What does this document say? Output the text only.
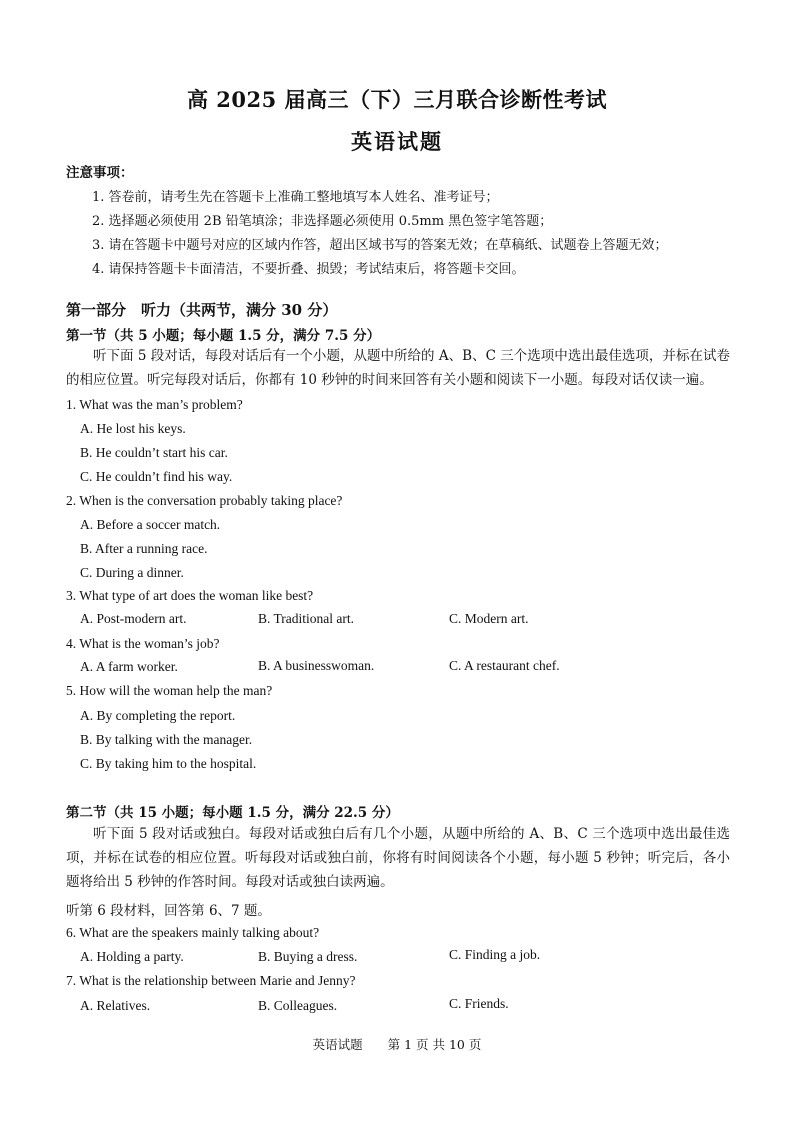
高 2025 届高三（下）三月联合诊断性考试
英语试题
注意事项：
1. 答卷前，请考生先在答题卡上准确工整地填写本人姓名、准考证号；
2. 选择题必须使用 2B 铅笔填涂；非选择题必须使用 0.5mm 黑色签字笔答题；
3. 请在答题卡中题号对应的区域内作答，超出区域书写的答案无效；在草稿纸、试题卷上答题无效；
4. 请保持答题卡卡面清洁，不要折叠、损毁；考试结束后，将答题卡交回。
第一部分　听力（共两节，满分 30 分）
第一节（共 5 小题；每小题 1.5 分，满分 7.5 分）
听下面 5 段对话，每段对话后有一个小题，从题中所给的 A、B、C 三个选项中选出最佳选项，并标在试卷的相应位置。听完每段对话后，你都有 10 秒钟的时间来回答有关小题和阅读下一小题。每段对话仅读一遍。
1. What was the man’s problem?
A. He lost his keys.
B. He couldn’t start his car.
C. He couldn’t find his way.
2. When is the conversation probably taking place?
A. Before a soccer match.
B. After a running race.
C. During a dinner.
3. What type of art does the woman like best?
A. Post-modern art.	B. Traditional art.	C. Modern art.
4. What is the woman’s job?
A. A farm worker.	B. A businesswoman.	C. A restaurant chef.
5. How will the woman help the man?
A. By completing the report.
B. By talking with the manager.
C. By taking him to the hospital.
第二节（共 15 小题；每小题 1.5 分，满分 22.5 分）
听下面 5 段对话或独白。每段对话或独白后有几个小题，从题中所给的 A、B、C 三个选项中选出最佳选项，并标在试卷的相应位置。听每段对话或独白前，你将有时间阅读各个小题，每小题 5 秒钟；听完后，各小题将给出 5 秒钟的作答时间。每段对话或独白读两遍。
听第 6 段材料，回答第 6、7 题。
6. What are the speakers mainly talking about?
A. Holding a party.	B. Buying a dress.	C. Finding a job.
7. What is the relationship between Marie and Jenny?
A. Relatives.	B. Colleagues.	C. Friends.
英语试题　　第 1 页 共 10 页
